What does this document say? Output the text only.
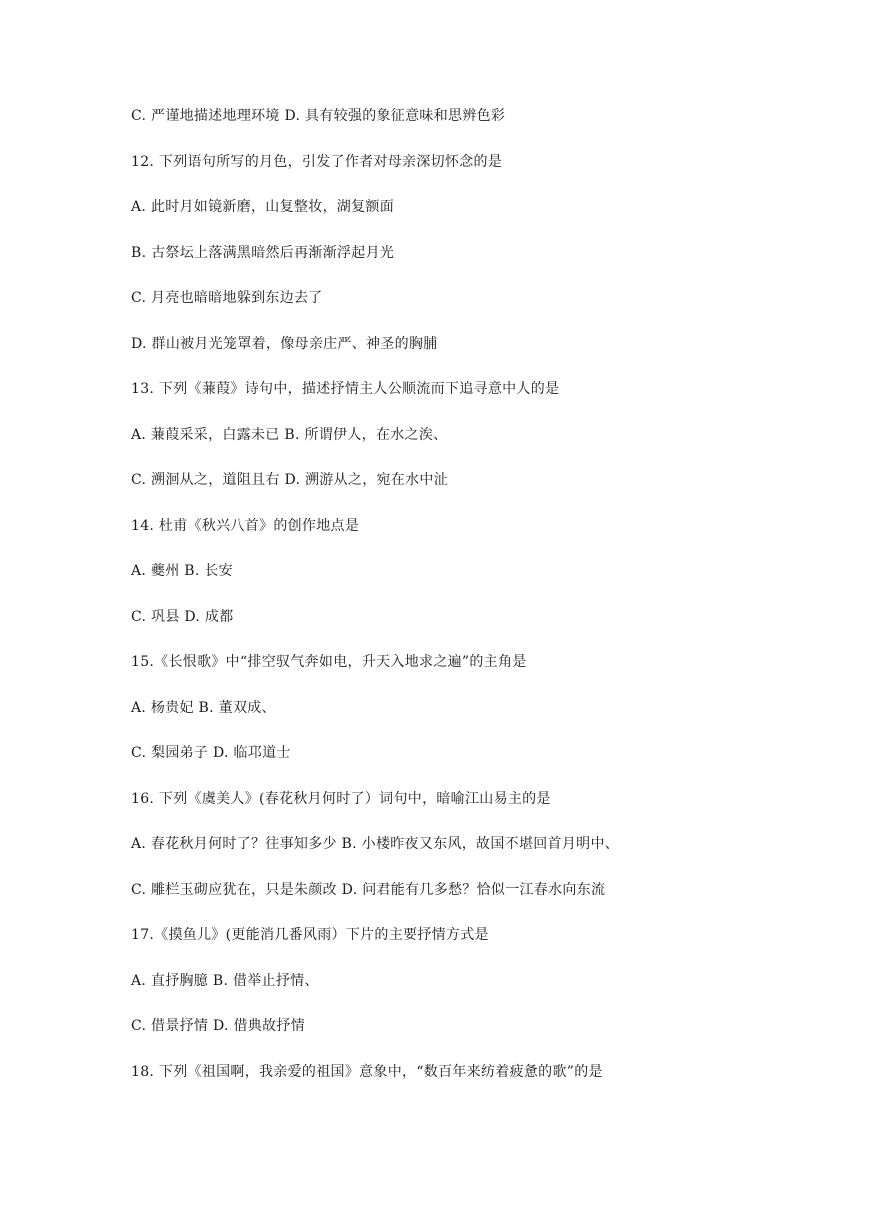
C. 严谨地描述地理环境 D. 具有较强的象征意味和思辨色彩
12. 下列语句所写的月色，引发了作者对母亲深切怀念的是
A. 此时月如镜新磨，山复整妆，湖复额面
B. 古祭坛上落满黑暗然后再渐渐浮起月光
C. 月亮也暗暗地躲到东边去了
D. 群山被月光笼罩着，像母亲庄严、神圣的胸脯
13. 下列《蒹葭》诗句中，描述抒情主人公顺流而下追寻意中人的是
A. 蒹葭采采，白露未已 B. 所谓伊人，在水之涘、
C. 溯洄从之，道阻且右 D. 溯游从之，宛在水中沚
14. 杜甫《秋兴八首》的创作地点是
A. 夔州 B. 长安
C. 巩县 D. 成都
15.《长恨歌》中“排空驭气奔如电，升天入地求之遍”的主角是
A. 杨贵妃 B. 董双成、
C. 梨园弟子 D. 临邛道士
16. 下列《虞美人》(春花秋月何时了）词句中，暗喻江山易主的是
A. 春花秋月何时了？往事知多少 B. 小楼昨夜又东风，故国不堪回首月明中、
C. 雕栏玉砌应犹在，只是朱颜改 D. 问君能有几多愁？恰似一江春水向东流
17.《摸鱼儿》(更能消几番风雨）下片的主要抒情方式是
A. 直抒胸臆 B. 借举止抒情、
C. 借景抒情 D. 借典故抒情
18. 下列《祖国啊，我亲爱的祖国》意象中，“数百年来纺着疲惫的歌”的是
